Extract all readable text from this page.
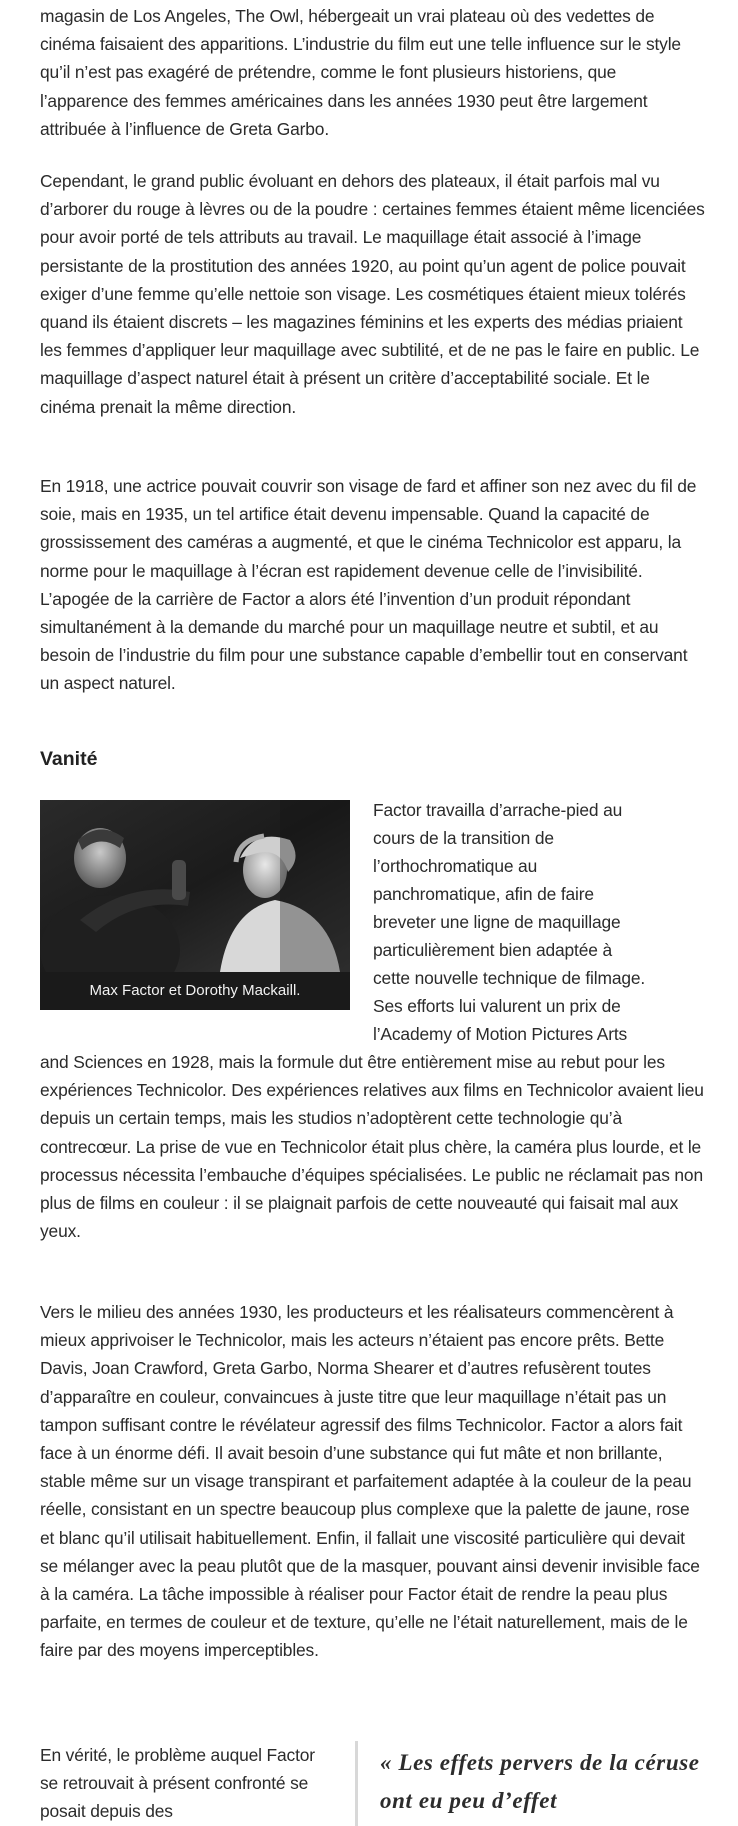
magasin de Los Angeles, The Owl, hébergeait un vrai plateau où des vedettes de cinéma faisaient des apparitions. L’industrie du film eut une telle influence sur le style qu’il n’est pas exagéré de prétendre, comme le font plusieurs historiens, que l’apparence des femmes américaines dans les années 1930 peut être largement attribuée à l’influence de Greta Garbo.

Cependant, le grand public évoluant en dehors des plateaux, il était parfois mal vu d’arborer du rouge à lèvres ou de la poudre : certaines femmes étaient même licenciées pour avoir porté de tels attributs au travail. Le maquillage était associé à l’image persistante de la prostitution des années 1920, au point qu’un agent de police pouvait exiger d’une femme qu’elle nettoie son visage. Les cosmétiques étaient mieux tolérés quand ils étaient discrets – les magazines féminins et les experts des médias priaient les femmes d’appliquer leur maquillage avec subtilité, et de ne pas le faire en public. Le maquillage d’aspect naturel était à présent un critère d’acceptabilité sociale. Et le cinéma prenait la même direction.

En 1918, une actrice pouvait couvrir son visage de fard et affiner son nez avec du fil de soie, mais en 1935, un tel artifice était devenu impensable. Quand la capacité de grossissement des caméras a augmenté, et que le cinéma Technicolor est apparu, la norme pour le maquillage à l’écran est rapidement devenue celle de l’invisibilité. L’apogée de la carrière de Factor a alors été l’invention d’un produit répondant simultanément à la demande du marché pour un maquillage neutre et subtil, et au besoin de l’industrie du film pour une substance capable d’embellir tout en conservant un aspect naturel.

Vanité
Max Factor et Dorothy Mackaill.

Factor travailla d’arrache-pied au

cours de la transition de

l’orthochromatique au

panchromatique, afin de faire

breveter une ligne de maquillage

particulièrement bien adaptée à

cette nouvelle technique de filmage.

Ses efforts lui valurent un prix de

l’Academy of Motion Pictures Arts

and Sciences en 1928, mais la formule dut être entièrement mise au rebut pour les expériences Technicolor. Des expériences relatives aux films en Technicolor avaient lieu depuis un certain temps, mais les studios n’adoptèrent cette technologie qu’à contrecœur. La prise de vue en Technicolor était plus chère, la caméra plus lourde, et le processus nécessita l’embauche d’équipes spécialisées. Le public ne réclamait pas non plus de films en couleur : il se plaignait parfois de cette nouveauté qui faisait mal aux yeux.

Vers le milieu des années 1930, les producteurs et les réalisateurs commencèrent à mieux apprivoiser le Technicolor, mais les acteurs n’étaient pas encore prêts. Bette Davis, Joan Crawford, Greta Garbo, Norma Shearer et d’autres refusèrent toutes d’apparaître en couleur, convaincues à juste titre que leur maquillage n’était pas un tampon suffisant contre le révélateur agressif des films Technicolor. Factor a alors fait face à un énorme défi. Il avait besoin d’une substance qui fut mâte et non brillante, stable même sur un visage transpirant et parfaitement adaptée à la couleur de la peau réelle, consistant en un spectre beaucoup plus complexe que la palette de jaune, rose et blanc qu’il utilisait habituellement. Enfin, il fallait une viscosité particulière qui devait se mélanger avec la peau plutôt que de la masquer, pouvant ainsi devenir invisible face à la caméra. La tâche impossible à réaliser pour Factor était de rendre la peau plus parfaite, en termes de couleur et de texture, qu’elle ne l’était naturellement, mais de le faire par des moyens imperceptibles.

En vérité, le problème auquel Factor se retrouvait à présent confronté se posait depuis des

« Les effets pervers de la céruse ont eu peu d’effet
